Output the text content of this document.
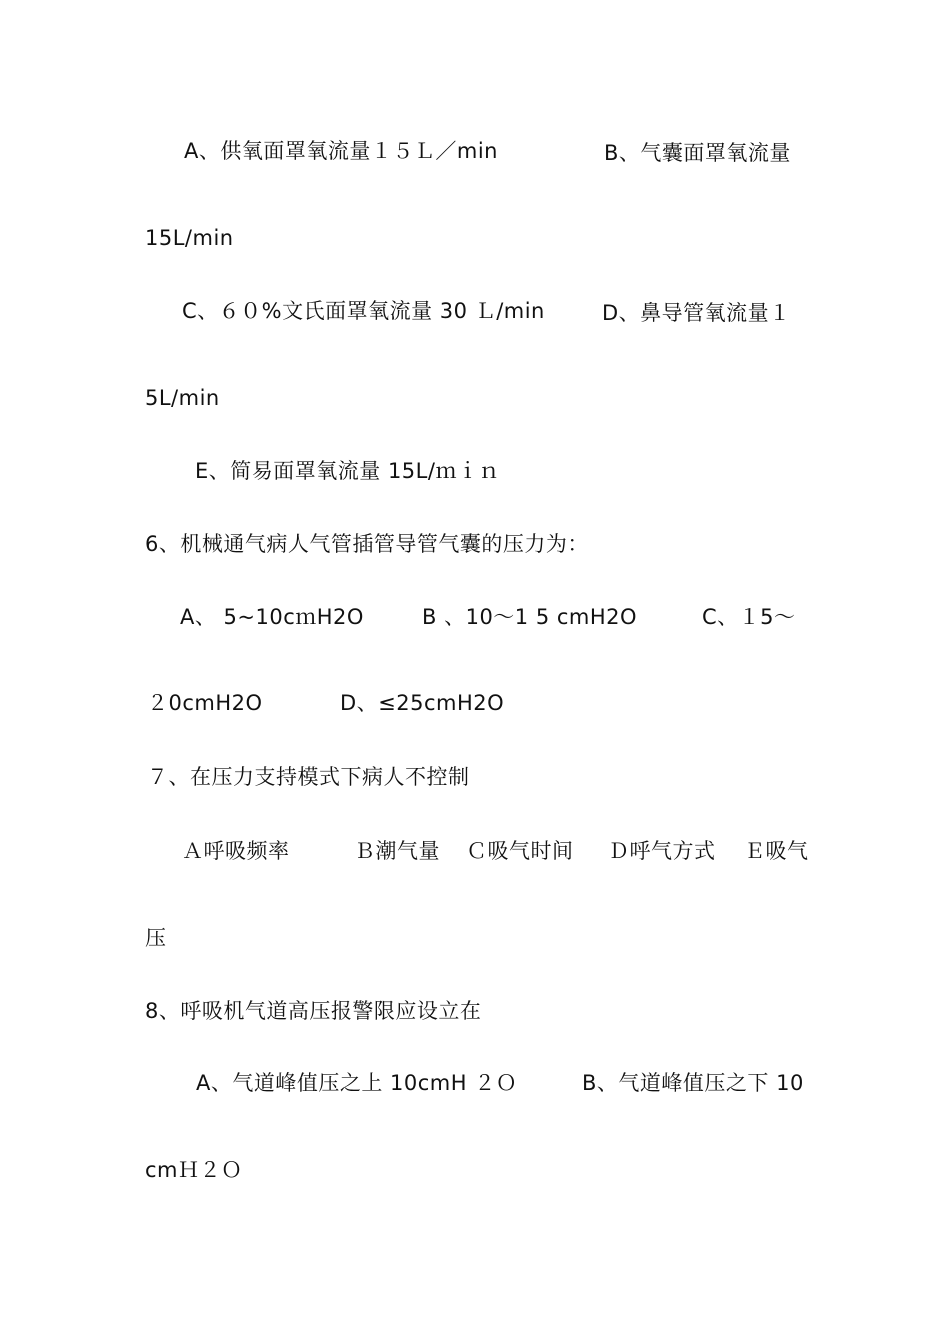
A、供氧面罩氧流量１５Ｌ／min	B、气囊面罩氧流量
15L/min
C、６０%文氏面罩氧流量 30 Ｌ/min	D、鼻导管氧流量１
5L/min
E、简易面罩氧流量 15L/ｍｉｎ
6、机械通气病人气管插管导管气囊的压力为：
A、 5~10cｍH2O	B 、10～1 5 cmH2O	C、１5～
２0cmH2O	D、≤25cmH2O
７、在压力支持模式下病人不控制
Ａ呼吸频率	Ｂ潮气量 Ｃ吸气时间 Ｄ呼气方式 Ｅ吸气
压
8、呼吸机气道高压报警限应设立在
A、气道峰值压之上 10cmH ２Ｏ	B、气道峰值压之下 10
cmＨ２Ｏ
